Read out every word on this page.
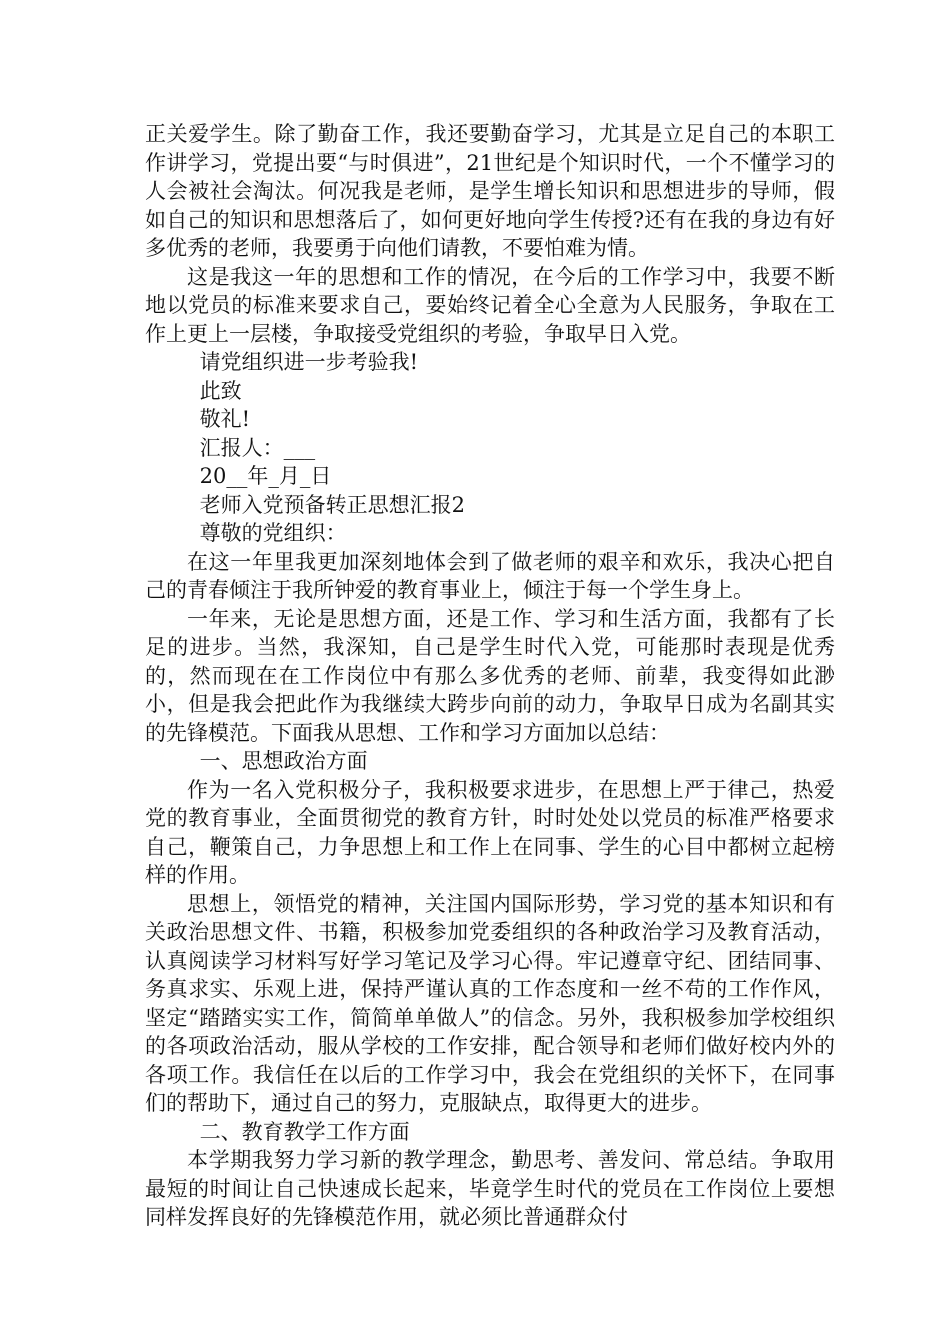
正关爱学生。除了勤奋工作，我还要勤奋学习，尤其是立足自己的本职工作讲学习，党提出要“与时俱进”，21世纪是个知识时代，一个不懂学习的人会被社会淘汰。何况我是老师，是学生增长知识和思想进步的导师，假如自己的知识和思想落后了，如何更好地向学生传授?还有在我的身边有好多优秀的老师，我要勇于向他们请教，不要怕难为情。

这是我这一年的思想和工作的情况，在今后的工作学习中，我要不断地以党员的标准来要求自己，要始终记着全心全意为人民服务，争取在工作上更上一层楼，争取接受党组织的考验，争取早日入党。

请党组织进一步考验我!

此致

敬礼!

汇报人：___

20__年_月_日

老师入党预备转正思想汇报2

尊敬的党组织：

在这一年里我更加深刻地体会到了做老师的艰辛和欢乐，我决心把自己的青春倾注于我所钟爱的教育事业上，倾注于每一个学生身上。

一年来，无论是思想方面，还是工作、学习和生活方面，我都有了长足的进步。当然，我深知，自己是学生时代入党，可能那时表现是优秀的，然而现在在工作岗位中有那么多优秀的老师、前辈，我变得如此渺小，但是我会把此作为我继续大跨步向前的动力，争取早日成为名副其实的先锋模范。下面我从思想、工作和学习方面加以总结：

一、思想政治方面

作为一名入党积极分子，我积极要求进步，在思想上严于律己，热爱党的教育事业，全面贯彻党的教育方针，时时处处以党员的标准严格要求自己，鞭策自己，力争思想上和工作上在同事、学生的心目中都树立起榜样的作用。

思想上，领悟党的精神，关注国内国际形势，学习党的基本知识和有关政治思想文件、书籍，积极参加党委组织的各种政治学习及教育活动，认真阅读学习材料写好学习笔记及学习心得。牢记遵章守纪、团结同事、务真求实、乐观上进，保持严谨认真的工作态度和一丝不苟的工作作风，坚定“踏踏实实工作，简简单单做人”的信念。另外，我积极参加学校组织的各项政治活动，服从学校的工作安排，配合领导和老师们做好校内外的各项工作。我信任在以后的工作学习中，我会在党组织的关怀下，在同事们的帮助下，通过自己的努力，克服缺点，取得更大的进步。

二、教育教学工作方面

本学期我努力学习新的教学理念，勤思考、善发问、常总结。争取用最短的时间让自己快速成长起来，毕竟学生时代的党员在工作岗位上要想同样发挥良好的先锋模范作用，就必须比普通群众付
